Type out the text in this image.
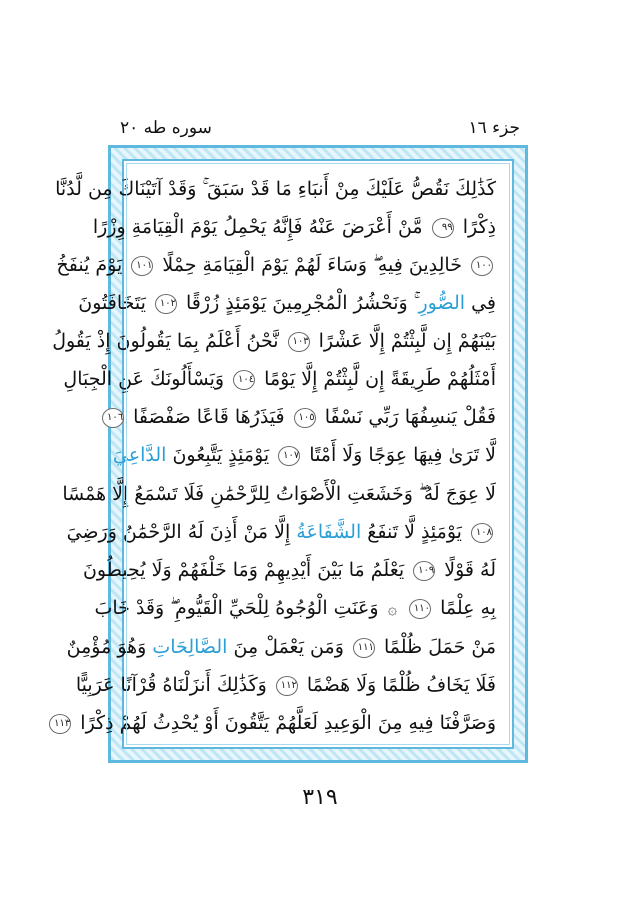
جزء ١٦
سوره طه ٢٠
كَذَٰلِكَ نَقُصُّ عَلَيْكَ مِنْ أَنبَاءِ مَا قَدْ سَبَقَ ۚ وَقَدْ آتَيْنَاكَ مِن لَّدُنَّا
ذِكْرًا ٩٩ مَّنْ أَعْرَضَ عَنْهُ فَإِنَّهُ يَحْمِلُ يَوْمَ الْقِيَامَةِ وِزْرًا
١٠٠ خَالِدِينَ فِيهِ ۖ وَسَاءَ لَهُمْ يَوْمَ الْقِيَامَةِ حِمْلًا ١٠١ يَوْمَ يُنفَخُ
فِي الصُّورِ ۚ وَنَحْشُرُ الْمُجْرِمِينَ يَوْمَئِذٍ زُرْقًا ١٠٢ يَتَخَافَتُونَ
بَيْنَهُمْ إِن لَّبِثْتُمْ إِلَّا عَشْرًا ١٠٣ نَّحْنُ أَعْلَمُ بِمَا يَقُولُونَ إِذْ يَقُولُ
أَمْثَلُهُمْ طَرِيقَةً إِن لَّبِثْتُمْ إِلَّا يَوْمًا ١٠٤ وَيَسْأَلُونَكَ عَنِ الْجِبَالِ
فَقُلْ يَنسِفُهَا رَبِّي نَسْفًا ١٠٥ فَيَذَرُهَا قَاعًا صَفْصَفًا ١٠٦
لَّا تَرَىٰ فِيهَا عِوَجًا وَلَا أَمْتًا ١٠٧ يَوْمَئِذٍ يَتَّبِعُونَ الدَّاعِيَ
لَا عِوَجَ لَهُ ۖ وَخَشَعَتِ الْأَصْوَاتُ لِلرَّحْمَٰنِ فَلَا تَسْمَعُ إِلَّا هَمْسًا
١٠٨ يَوْمَئِذٍ لَّا تَنفَعُ الشَّفَاعَةُ إِلَّا مَنْ أَذِنَ لَهُ الرَّحْمَٰنُ وَرَضِيَ
لَهُ قَوْلًا ١٠٩ يَعْلَمُ مَا بَيْنَ أَيْدِيهِمْ وَمَا خَلْفَهُمْ وَلَا يُحِيطُونَ
بِهِ عِلْمًا ١١٠ ۞ وَعَنَتِ الْوُجُوهُ لِلْحَيِّ الْقَيُّومِ ۖ وَقَدْ خَابَ
مَنْ حَمَلَ ظُلْمًا ١١١ وَمَن يَعْمَلْ مِنَ الصَّالِحَاتِ وَهُوَ مُؤْمِنٌ
فَلَا يَخَافُ ظُلْمًا وَلَا هَضْمًا ١١٢ وَكَذَٰلِكَ أَنزَلْنَاهُ قُرْآنًا عَرَبِيًّا
وَصَرَّفْنَا فِيهِ مِنَ الْوَعِيدِ لَعَلَّهُمْ يَتَّقُونَ أَوْ يُحْدِثُ لَهُمْ ذِكْرًا ١١٣
٣١٩
